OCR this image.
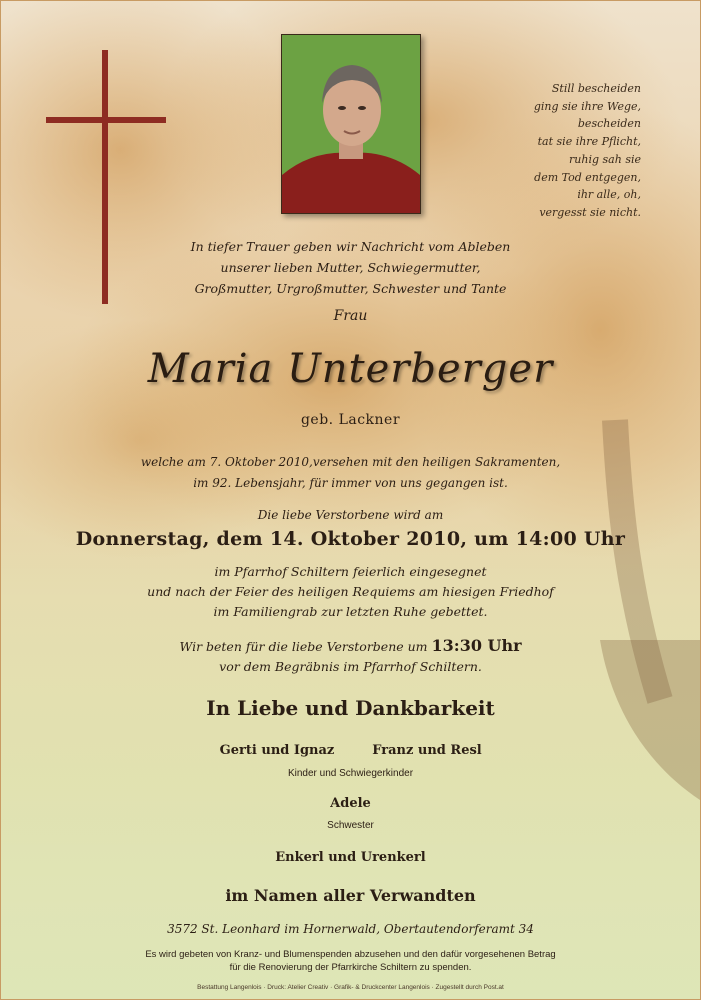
Still bescheiden
ging sie ihre Wege,
bescheiden
tat sie ihre Pflicht,
ruhig sah sie
dem Tod entgegen,
ihr alle, oh,
vergesst sie nicht.
In tiefer Trauer geben wir Nachricht vom Ableben
unserer lieben Mutter, Schwiegermutter,
Großmutter, Urgroßmutter, Schwester und Tante
Frau
Maria Unterberger
geb. Lackner
welche am 7. Oktober 2010,versehen mit den heiligen Sakramenten,
im 92. Lebensjahr, für immer von uns gegangen ist.
Die liebe Verstorbene wird am
Donnerstag, dem 14. Oktober 2010, um 14:00 Uhr
im Pfarrhof Schiltern feierlich eingesegnet
und nach der Feier des heiligen Requiems am hiesigen Friedhof
im Familiengrab zur letzten Ruhe gebettet.
Wir beten für die liebe Verstorbene um 13:30 Uhr
vor dem Begräbnis im Pfarrhof Schiltern.
In Liebe und Dankbarkeit
Gerti und Ignaz	Franz und Resl
Kinder und Schwiegerkinder
Adele
Schwester
Enkerl und Urenkerl
im Namen aller Verwandten
3572 St. Leonhard im Hornerwald, Obertautendorferamt 34
Es wird gebeten von Kranz- und Blumenspenden abzusehen und den dafür vorgesehenen Betrag
für die Renovierung der Pfarrkirche Schiltern zu spenden.
Bestattung Langenlois · Druck: Atelier Creativ · Grafik- & Druckcenter Langenlois · Zugestellt durch Post.at
